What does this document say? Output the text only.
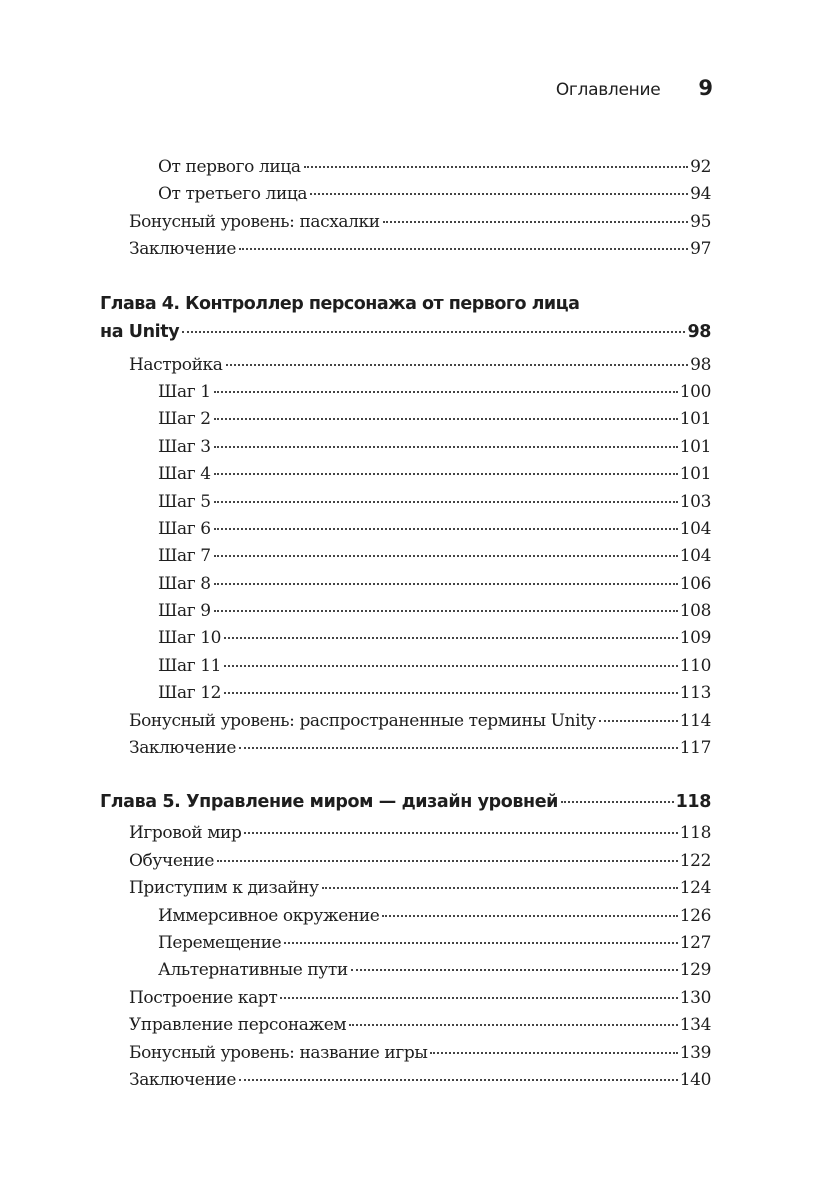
Оглавление 9
От первого лица	92
От третьего лица	94
Бонусный уровень: пасхалки	95
Заключение	97
Глава 4. Контроллер персонажа от первого лица
на Unity	98
Настройка	98
Шаг 1	100
Шаг 2	101
Шаг 3	101
Шаг 4	101
Шаг 5	103
Шаг 6	104
Шаг 7	104
Шаг 8	106
Шаг 9	108
Шаг 10	109
Шаг 11	110
Шаг 12	113
Бонусный уровень: распространенные термины Unity	114
Заключение	117
Глава 5. Управление миром — дизайн уровней	118
Игровой мир	118
Обучение	122
Приступим к дизайну	124
Иммерсивное окружение	126
Перемещение	127
Альтернативные пути	129
Построение карт	130
Управление персонажем	134
Бонусный уровень: название игры	139
Заключение	140
